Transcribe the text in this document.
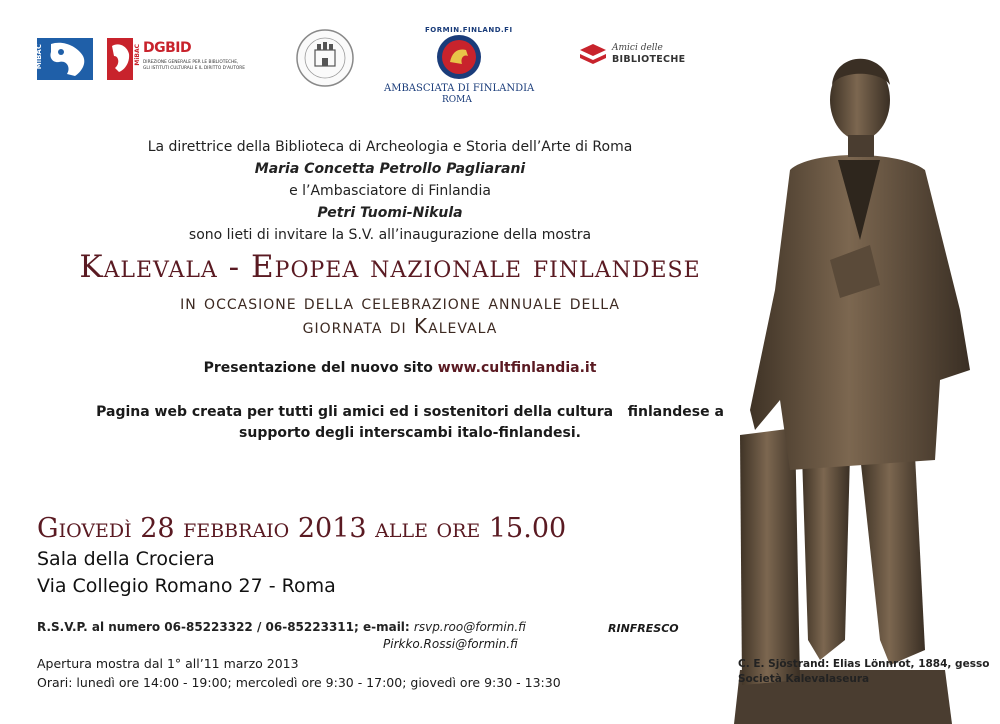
MiBAC	MiBAC DGBID
DIREZIONE GENERALE PER LE BIBLIOTECHE,
GLI ISTITUTI CULTURALI E IL DIRITTO D'AUTORE
FORMIN.FINLAND.FI
AMBASCIATA DI FINLANDIA
ROMA
Amici delle
BIBLIOTECHE
La direttrice della Biblioteca di Archeologia e Storia dell’Arte di Roma
Maria Concetta Petrollo Pagliarani
e l’Ambasciatore di Finlandia
Petri Tuomi-Nikula
sono lieti di invitare la S.V. all’inaugurazione della mostra
Kalevala - Epopea nazionale finlandese
in occasione della celebrazione annuale della
giornata di Kalevala
Presentazione del nuovo sito www.cultfinlandia.it
Pagina web creata per tutti gli amici ed i sostenitori della cultura   finlandese a
supporto degli interscambi italo-finlandesi.
Giovedì 28 febbraio 2013 alle ore 15.00
Sala della Crociera
Via Collegio Romano 27 - Roma
R.S.V.P. al numero 06-85223322 / 06-85223311; e-mail: rsvp.roo@formin.fi
Pirkko.Rossi@formin.fi
RINFRESCO
Apertura mostra dal 1° all’11 marzo 2013
Orari: lunedì ore 14:00 - 19:00; mercoledì ore 9:30 - 17:00; giovedì ore 9:30 - 13:30
C. E. Sjöstrand: Elias Lönnrot, 1884, gesso
Società Kalevalaseura
